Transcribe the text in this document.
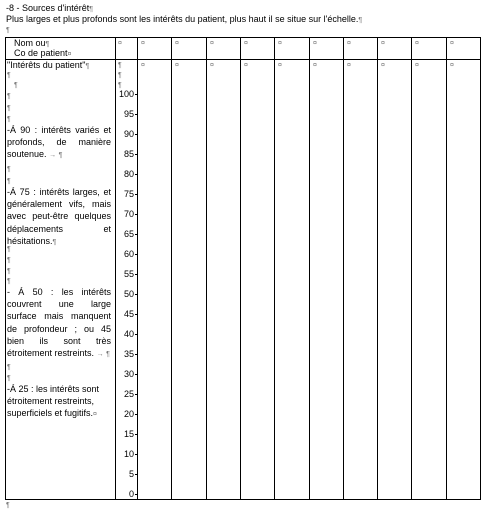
-8 - Sources d'intérêt¶
Plus larges et plus profonds sont les intérêts du patient, plus haut il se situe sur l'échelle.¶
¶
Nom ou¶
Co de patient¤
¤
"Intérêts du patient"¶
¶
¶
¶
¶
¶
-Á 90 : intérêts variés et profonds, de manière soutenue. → ¶
¶
¶
-Á 75 : intérêts larges, et généralement vifs, mais avec peut-être quelques déplacements et hésitations.¶
¶
¶
¶
¶
- Á 50 : les intérêts couvrent une large surface mais manquent de profondeur ; ou 45 bien ils sont très étroitement restreints. → ¶
¶
¶
-Á 25 : les intérêts sont étroitement restreints, superficiels et fugitifs.¤
¶
¶
¶
100
95
90
85
80
75
70
65
60
55
50
45
40
35
30
25
20
15
10
5
0
¤
¤
¤
¤
¤
¤
¤
¤
¤
¤
¤
¤
¤
¤
¤
¤
¤
¤
¤
¤
¶
